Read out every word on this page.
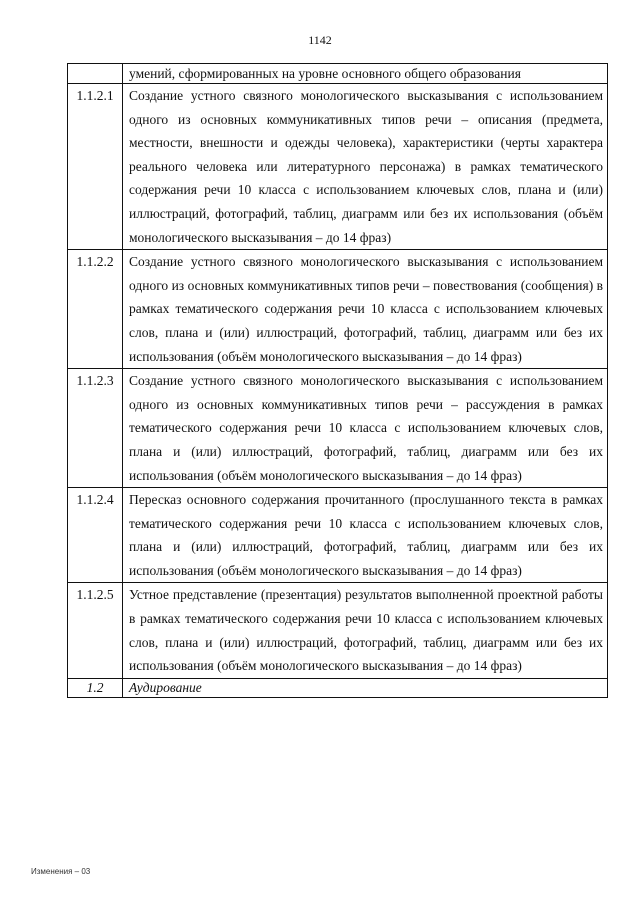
1142
	умений, сформированных на уровне основного общего образования
1.1.2.1	Создание устного связного монологического высказывания с использованием одного из основных коммуникативных типов речи – описания (предмета, местности, внешности и одежды человека), характеристики (черты характера реального человека или литературного персонажа) в рамках тематического содержания речи 10 класса с использованием ключевых слов, плана и (или) иллюстраций, фотографий, таблиц, диаграмм или без их использования (объём монологического высказывания – до 14 фраз)
1.1.2.2	Создание устного связного монологического высказывания с использованием одного из основных коммуникативных типов речи – повествования (сообщения) в рамках тематического содержания речи 10 класса с использованием ключевых слов, плана и (или) иллюстраций, фотографий, таблиц, диаграмм или без их использования (объём монологического высказывания – до 14 фраз)
1.1.2.3	Создание устного связного монологического высказывания с использованием одного из основных коммуникативных типов речи – рассуждения в рамках тематического содержания речи 10 класса с использованием ключевых слов, плана и (или) иллюстраций, фотографий, таблиц, диаграмм или без их использования (объём монологического высказывания – до 14 фраз)
1.1.2.4	Пересказ основного содержания прочитанного (прослушанного текста в рамках тематического содержания речи 10 класса с использованием ключевых слов, плана и (или) иллюстраций, фотографий, таблиц, диаграмм или без их использования (объём монологического высказывания – до 14 фраз)
1.1.2.5	Устное представление (презентация) результатов выполненной проектной работы в рамках тематического содержания речи 10 класса с использованием ключевых слов, плана и (или) иллюстраций, фотографий, таблиц, диаграмм или без их использования (объём монологического высказывания – до 14 фраз)
1.2	Аудирование
Изменения – 03
